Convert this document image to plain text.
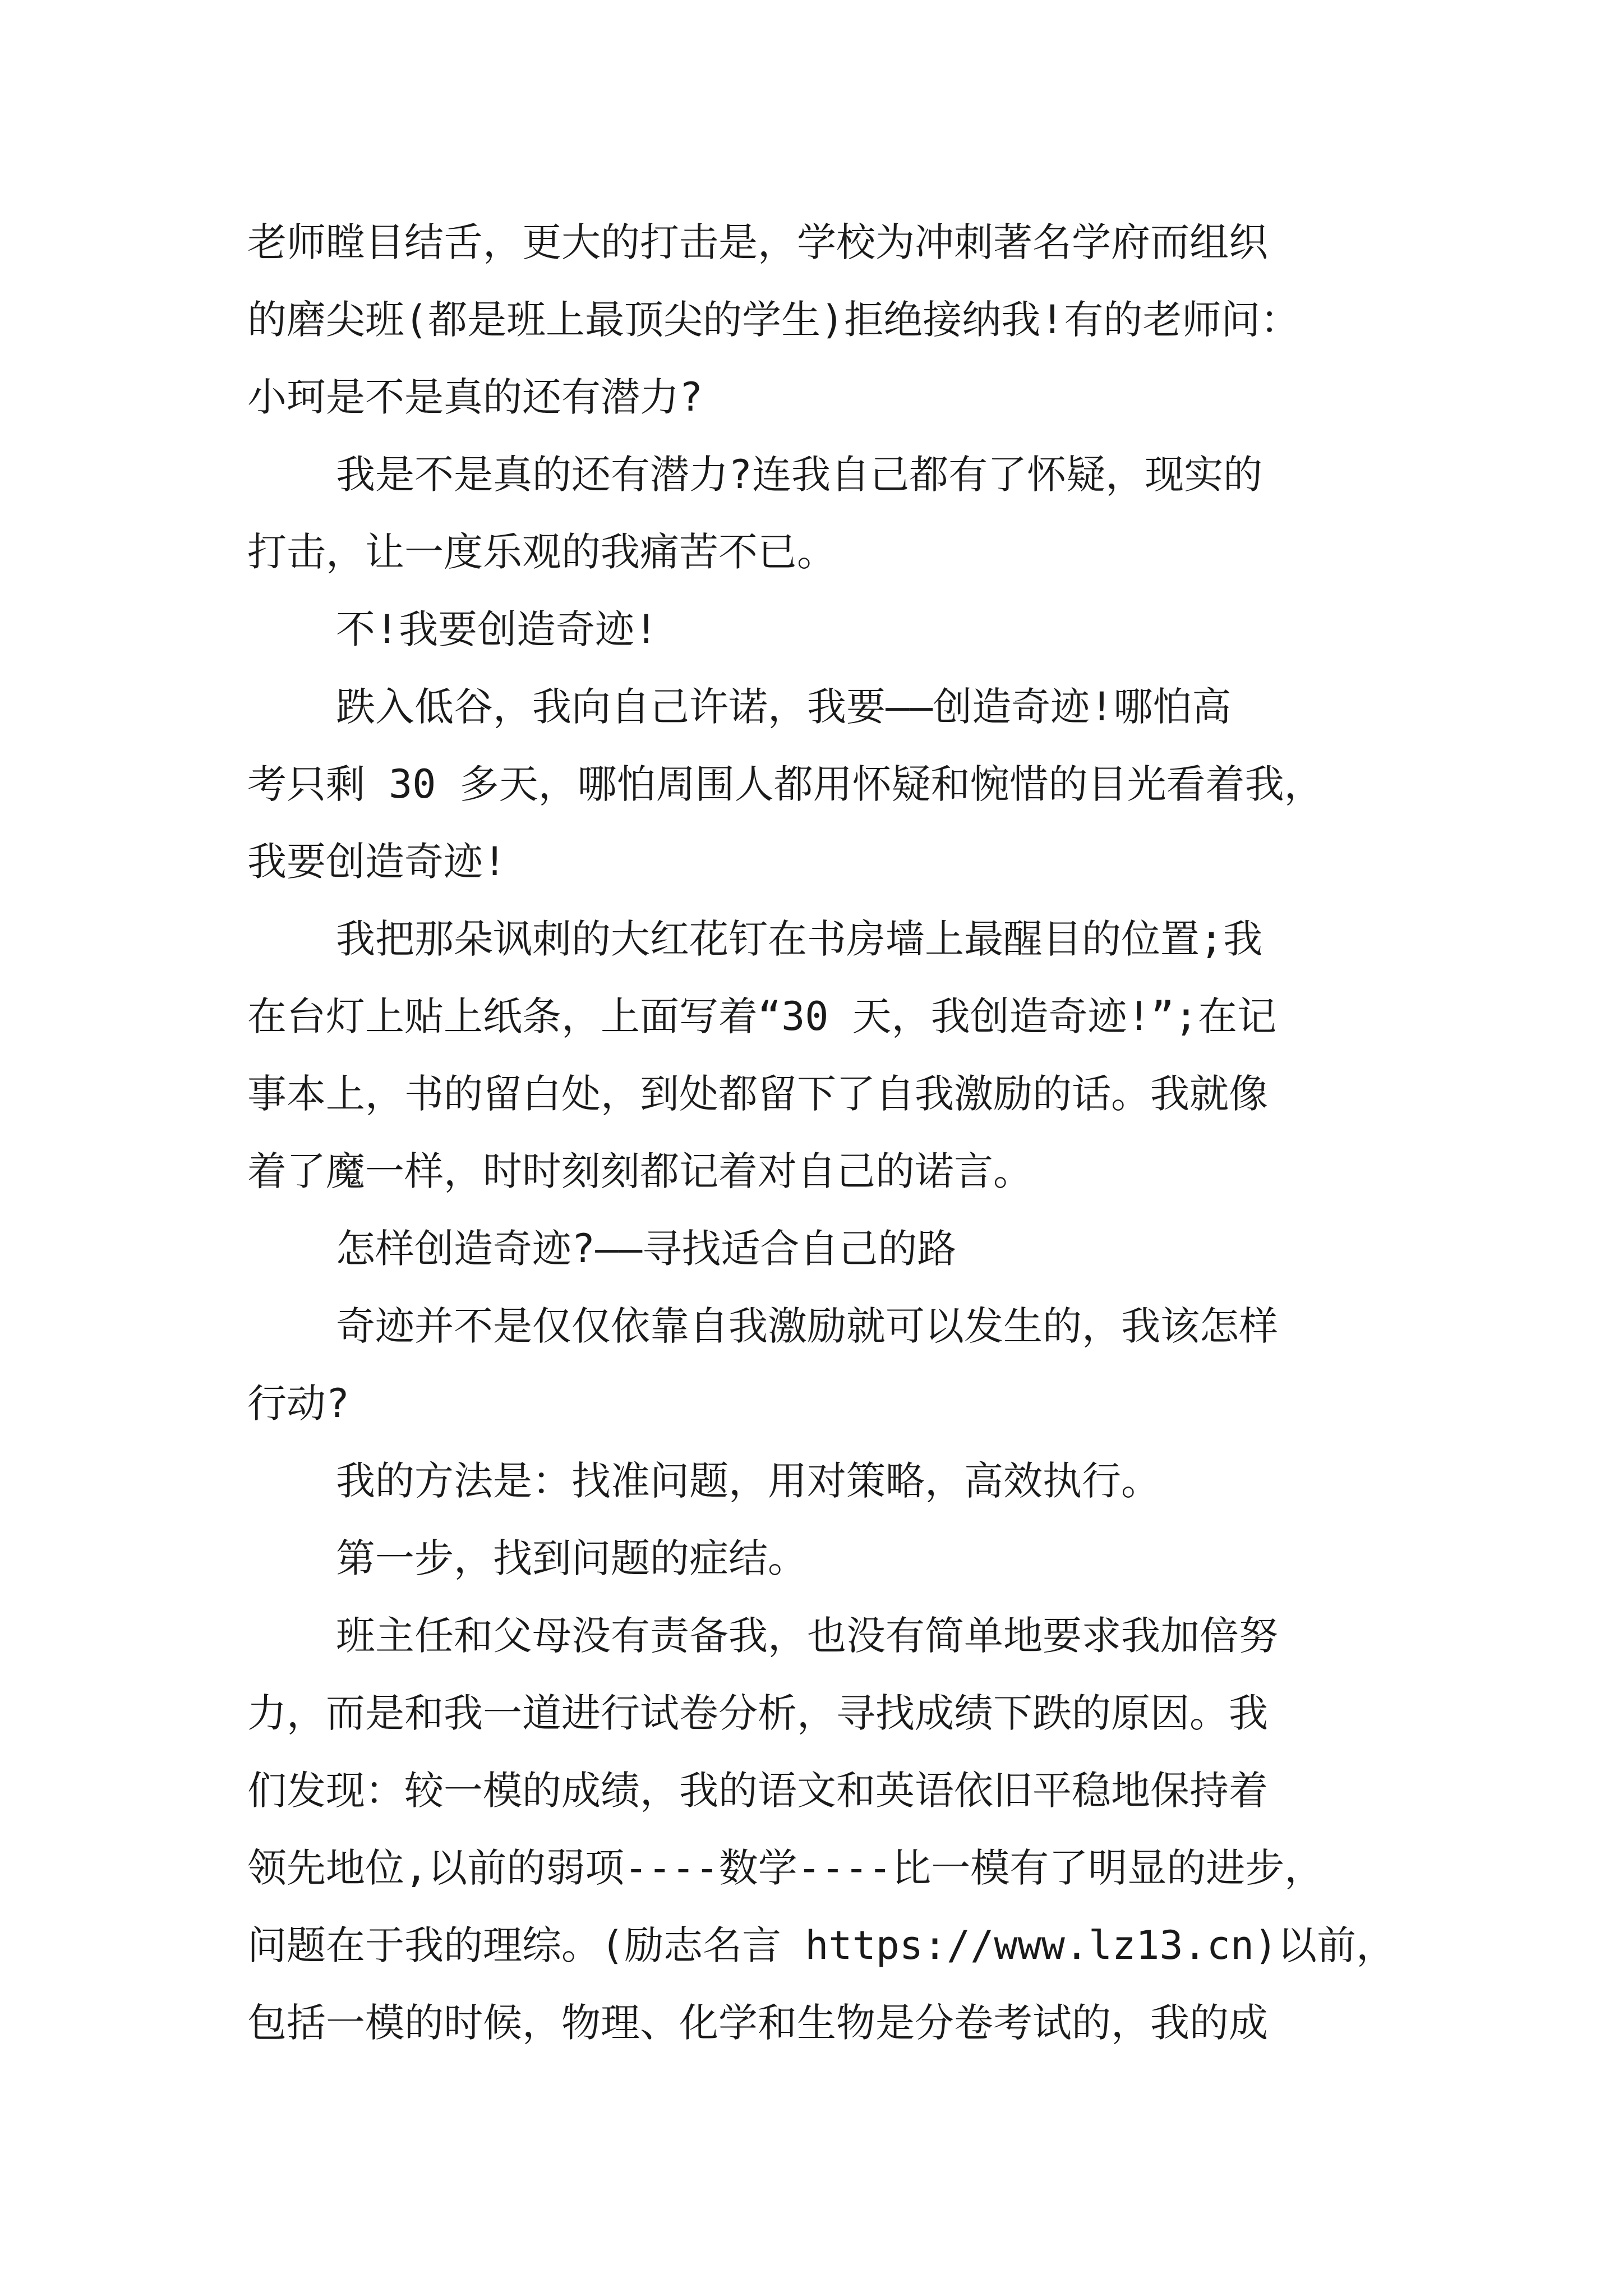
老师瞠目结舌，更大的打击是，学校为冲刺著名学府而组织
的磨尖班(都是班上最顶尖的学生)拒绝接纳我!有的老师问：
小珂是不是真的还有潜力?
我是不是真的还有潜力?连我自己都有了怀疑，现实的
打击，让一度乐观的我痛苦不已。
不!我要创造奇迹!
跌入低谷，我向自己许诺，我要——创造奇迹!哪怕高
考只剩 30 多天，哪怕周围人都用怀疑和惋惜的目光看着我，
我要创造奇迹!
我把那朵讽刺的大红花钉在书房墙上最醒目的位置;我
在台灯上贴上纸条，上面写着“30 天，我创造奇迹!”;在记
事本上，书的留白处，到处都留下了自我激励的话。我就像
着了魔一样，时时刻刻都记着对自己的诺言。
怎样创造奇迹?——寻找适合自己的路
奇迹并不是仅仅依靠自我激励就可以发生的，我该怎样
行动?
我的方法是：找准问题，用对策略，高效执行。
第一步，找到问题的症结。
班主任和父母没有责备我，也没有简单地要求我加倍努
力，而是和我一道进行试卷分析，寻找成绩下跌的原因。我
们发现：较一模的成绩，我的语文和英语依旧平稳地保持着
领先地位,以前的弱项----数学----比一模有了明显的进步，
问题在于我的理综。(励志名言 https://www.lz13.cn)以前，
包括一模的时候，物理、化学和生物是分卷考试的，我的成
